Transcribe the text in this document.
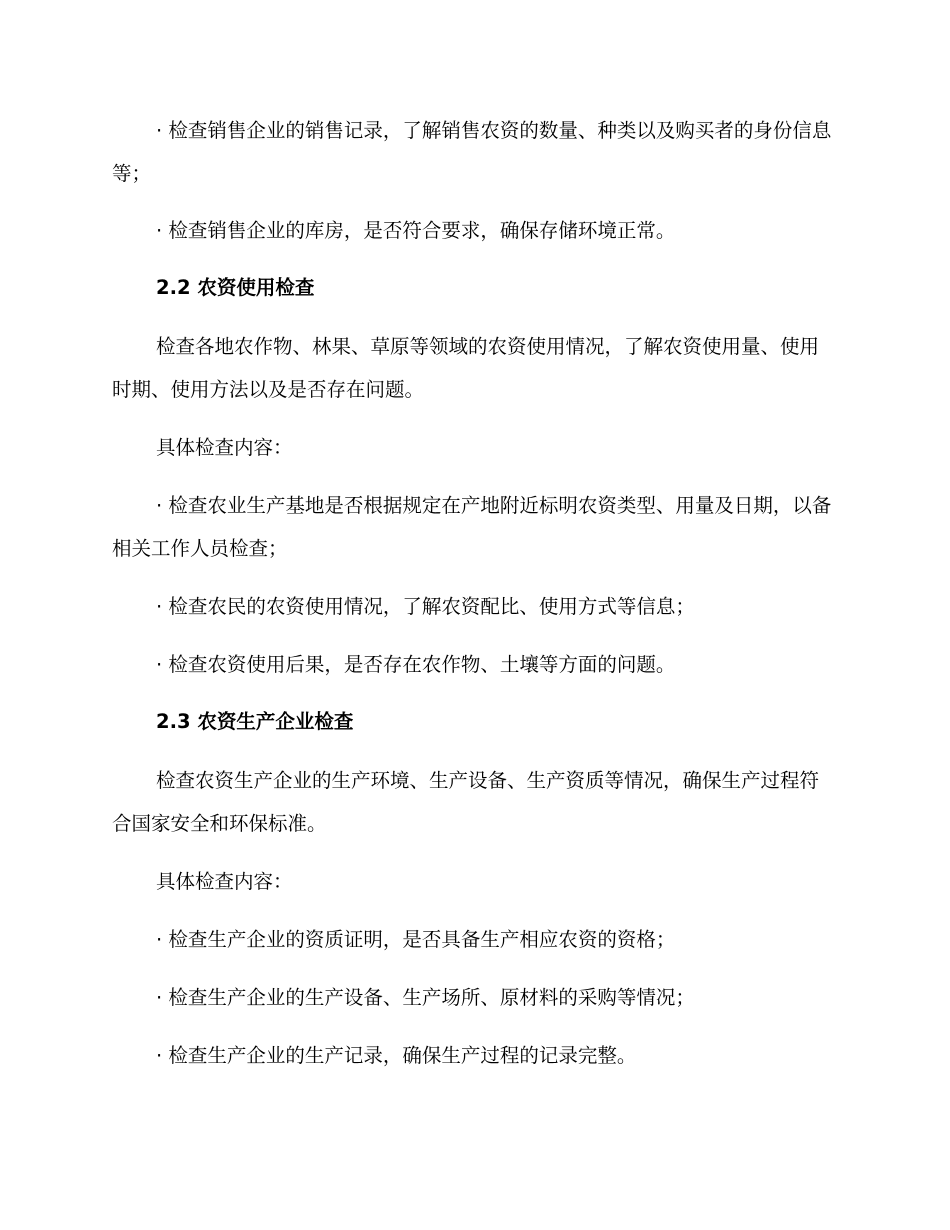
· 检查销售企业的销售记录，了解销售农资的数量、种类以及购买者的身份信息等；

· 检查销售企业的库房，是否符合要求，确保存储环境正常。

2.2 农资使用检查

检查各地农作物、林果、草原等领域的农资使用情况，了解农资使用量、使用时期、使用方法以及是否存在问题。

具体检查内容：

· 检查农业生产基地是否根据规定在产地附近标明农资类型、用量及日期，以备相关工作人员检查；

· 检查农民的农资使用情况，了解农资配比、使用方式等信息；

· 检查农资使用后果，是否存在农作物、土壤等方面的问题。

2.3 农资生产企业检查

检查农资生产企业的生产环境、生产设备、生产资质等情况，确保生产过程符合国家安全和环保标准。

具体检查内容：

· 检查生产企业的资质证明，是否具备生产相应农资的资格；

· 检查生产企业的生产设备、生产场所、原材料的采购等情况；

· 检查生产企业的生产记录，确保生产过程的记录完整。
